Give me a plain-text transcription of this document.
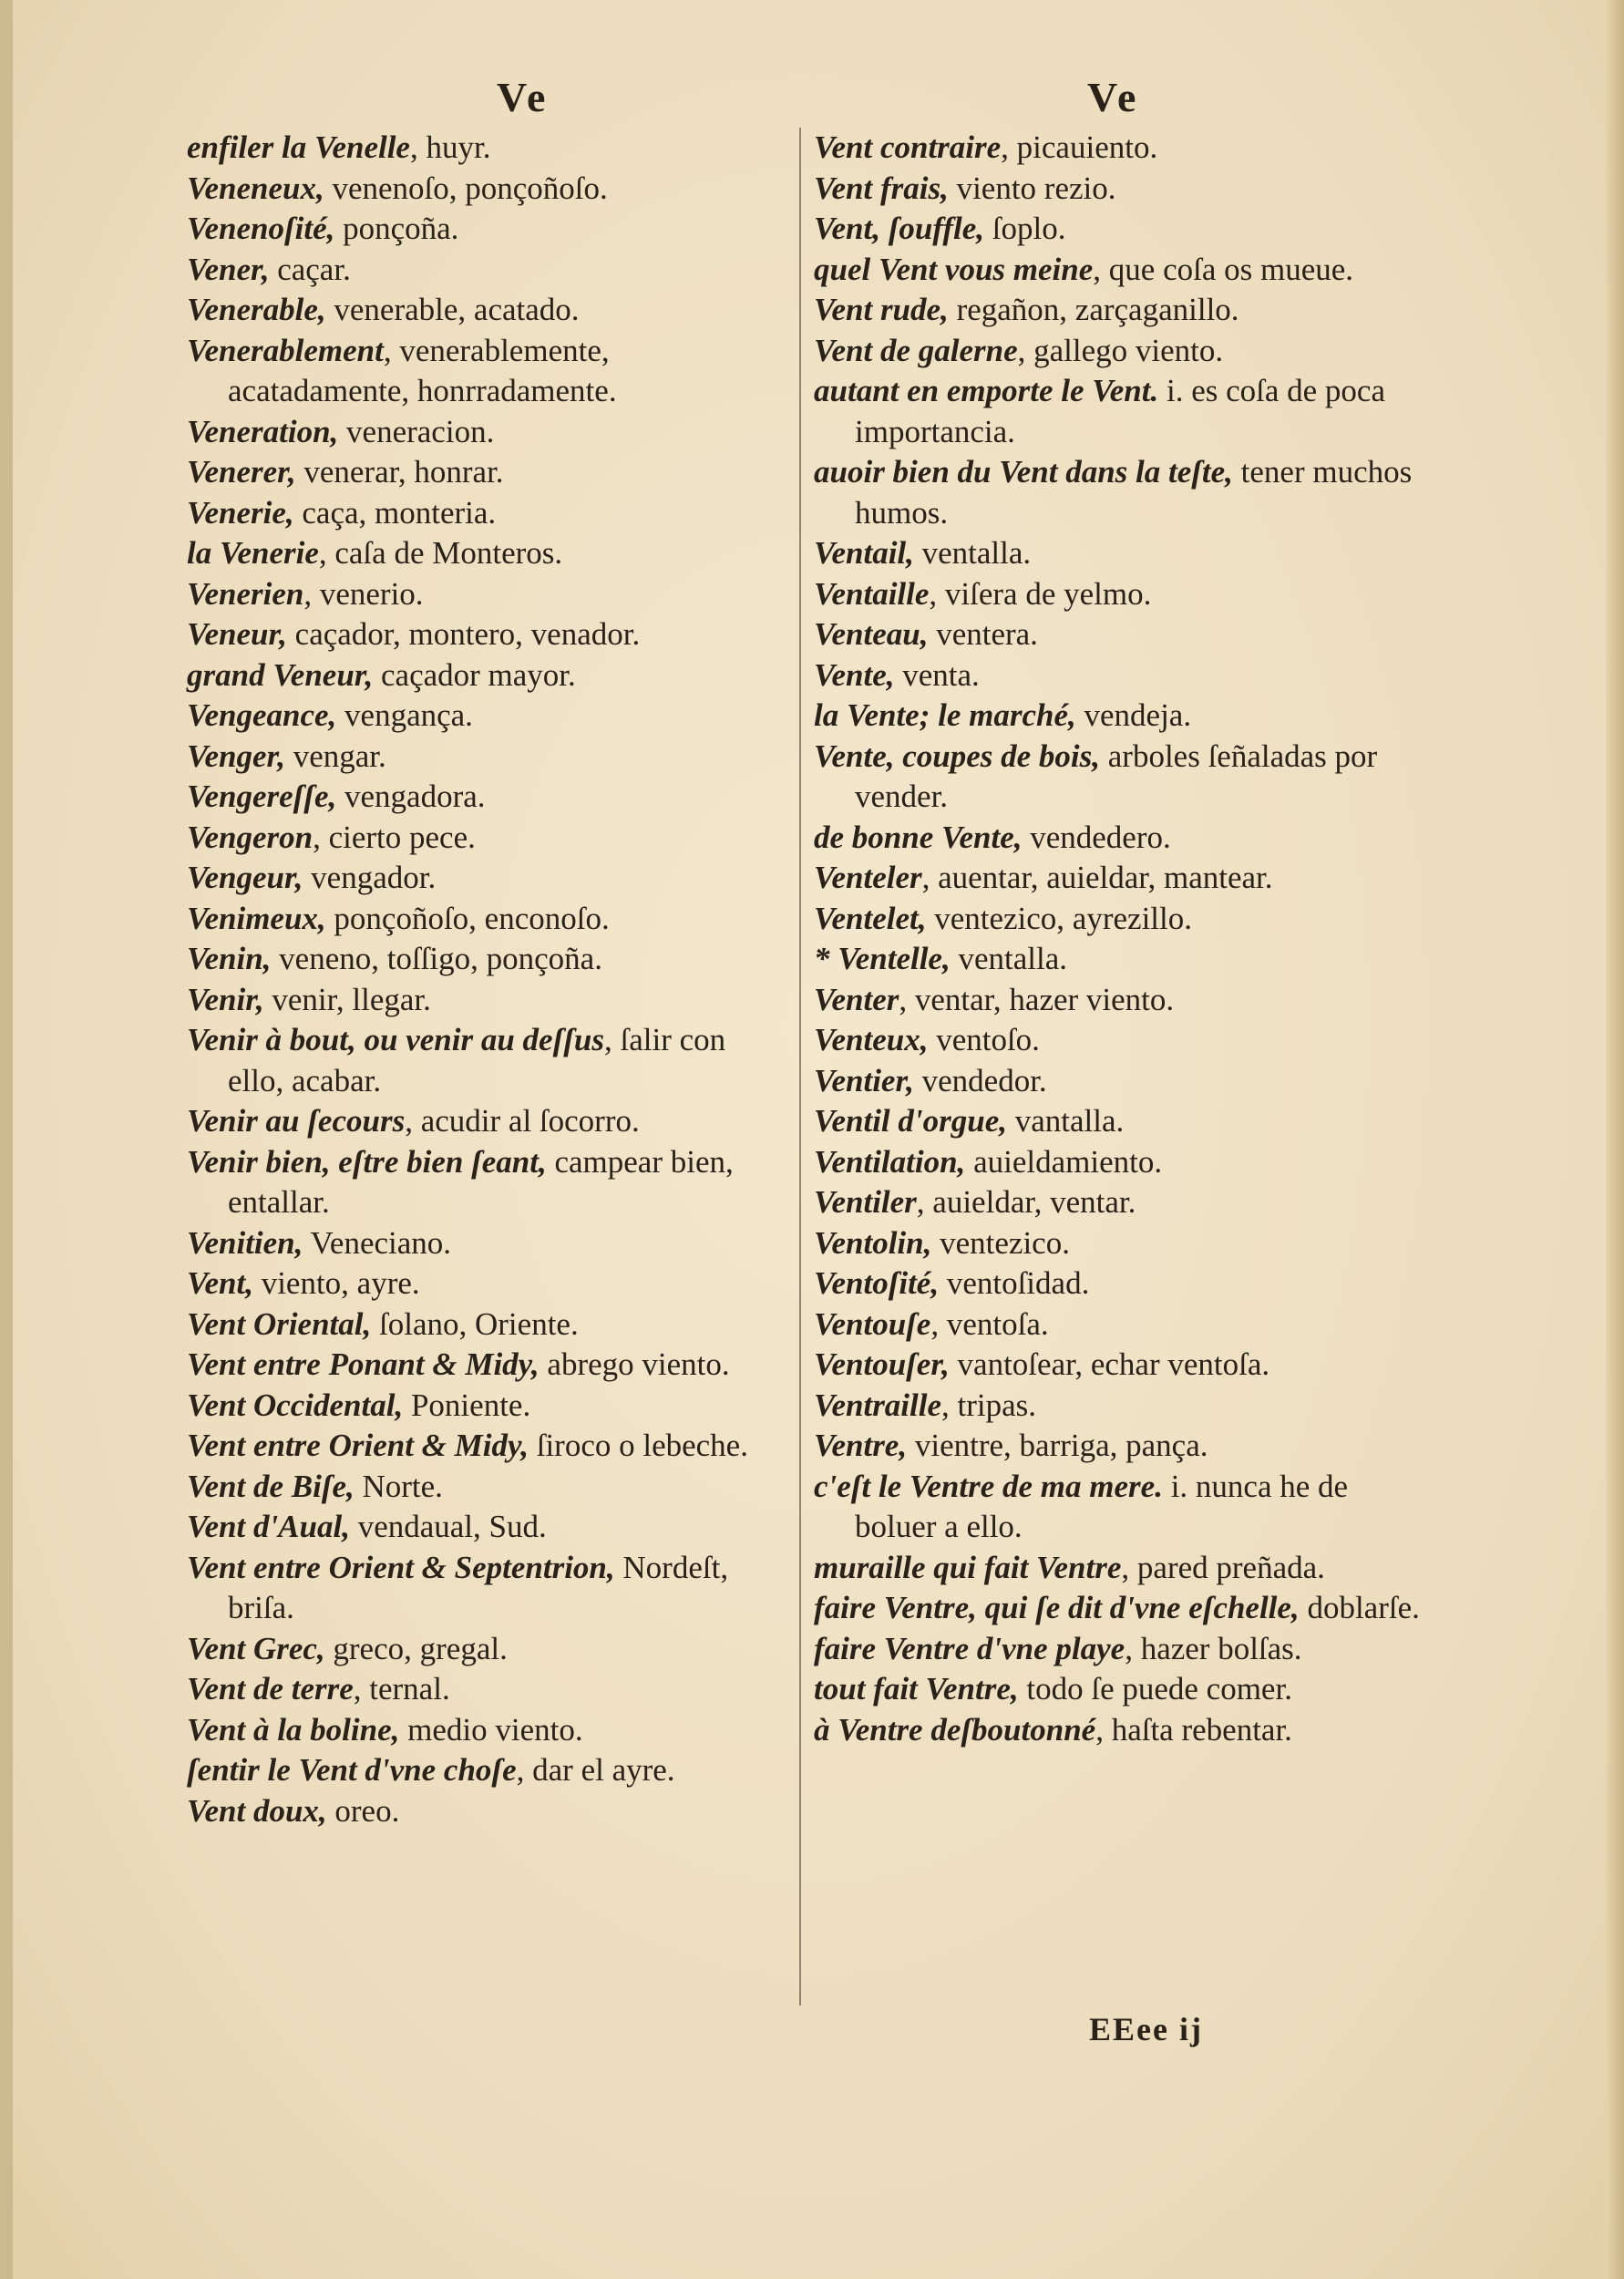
Ve
enfiler la Venelle, huyr.
Veneneux, venenoſo, ponçoñoſo.
Venenoſité, ponçoña.
Vener, caçar.
Venerable, venerable, acatado.
Venerablement, venerablemente, acatadamente, honrradamente.
Veneration, veneracion.
Venerer, venerar, honrar.
Venerie, caça, monteria.
la Venerie, caſa de Monteros.
Venerien, venerio.
Veneur, caçador, montero, venador.
grand Veneur, caçador mayor.
Vengeance, vengança.
Venger, vengar.
Vengereſſe, vengadora.
Vengeron, cierto pece.
Vengeur, vengador.
Venimeux, ponçoñoſo, enconoſo.
Venin, veneno, toſſigo, ponçoña.
Venir, venir, llegar.
Venir à bout, ou venir au deſſus, ſalir con ello, acabar.
Venir au ſecours, acudir al ſocorro.
Venir bien, eſtre bien ſeant, campear bien, entallar.
Venitien, Veneciano.
Vent, viento, ayre.
Vent Oriental, ſolano, Oriente.
Vent entre Ponant & Midy, abrego viento.
Vent Occidental, Poniente.
Vent entre Orient & Midy, ſiroco o lebeche.
Vent de Biſe, Norte.
Vent d'Aual, vendaual, Sud.
Vent entre Orient & Septentrion, Nordeſt, briſa.
Vent Grec, greco, gregal.
Vent de terre, ternal.
Vent à la boline, medio viento.
ſentir le Vent d'vne choſe, dar el ayre.
Vent doux, oreo.
Ve
Vent contraire, picauiento.
Vent frais, viento rezio.
Vent, ſouffle, ſoplo.
quel Vent vous meine, que coſa os mueue.
Vent rude, regañon, zarçaganillo.
Vent de galerne, gallego viento.
autant en emporte le Vent. i. es coſa de poca importancia.
auoir bien du Vent dans la teſte, tener muchos humos.
Ventail, ventalla.
Ventaille, viſera de yelmo.
Venteau, ventera.
Vente, venta.
la Vente; le marché, vendeja.
Vente, coupes de bois, arboles ſeñaladas por vender.
de bonne Vente, vendedero.
Venteler, auentar, auieldar, mantear.
Ventelet, ventezico, ayrezillo.
* Ventelle, ventalla.
Venter, ventar, hazer viento.
Venteux, ventoſo.
Ventier, vendedor.
Ventil d'orgue, vantalla.
Ventilation, auieldamiento.
Ventiler, auieldar, ventar.
Ventolin, ventezico.
Ventoſité, ventoſidad.
Ventouſe, ventoſa.
Ventouſer, vantoſear, echar ventoſa.
Ventraille, tripas.
Ventre, vientre, barriga, pança.
c'eſt le Ventre de ma mere. i. nunca he de boluer a ello.
muraille qui fait Ventre, pared preñada.
faire Ventre, qui ſe dit d'vne eſchelle, doblarſe.
faire Ventre d'vne playe, hazer bolſas.
tout fait Ventre, todo ſe puede comer.
à Ventre deſboutonné, haſta rebentar.
EEee ij
